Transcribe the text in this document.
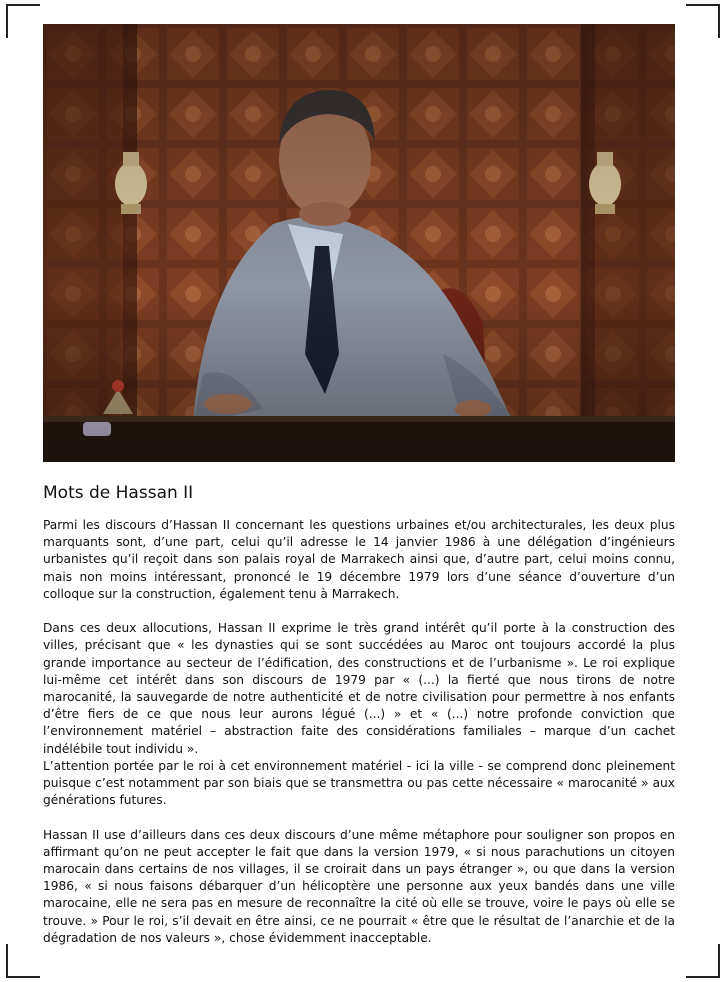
Mots de Hassan II

Parmi les discours d’Hassan II concernant les questions urbaines et/ou architecturales, les deux plus marquants sont, d’une part, celui qu’il adresse le 14 janvier 1986 à une délégation d’ingénieurs urbanistes qu’il reçoit dans son palais royal de Marrakech ainsi que, d’autre part, celui moins connu, mais non moins intéressant, prononcé le 19 décembre 1979 lors d’une séance d’ouverture d’un colloque sur la construction, également tenu à Marrakech.

Dans ces deux allocutions, Hassan II exprime le très grand intérêt qu’il porte à la construction des villes, précisant que « les dynasties qui se sont succédées au Maroc ont toujours accordé la plus grande importance au secteur de l’édification, des constructions et de l’urbanisme ». Le roi explique lui-même cet intérêt dans son discours de 1979 par « (...) la fierté que nous tirons de notre marocanité, la sauvegarde de notre authenticité et de notre civilisation pour permettre à nos enfants d’être fiers de ce que nous leur aurons légué (...) » et « (...) notre profonde conviction que l’environnement matériel – abstraction faite des considérations familiales – marque d’un cachet indélébile tout individu ».

L’attention portée par le roi à cet environnement matériel - ici la ville - se comprend donc pleinement puisque c’est notamment par son biais que se transmettra ou pas cette nécessaire « marocanité » aux générations futures.

Hassan II use d’ailleurs dans ces deux discours d’une même métaphore pour souligner son propos en affirmant qu’on ne peut accepter le fait que dans la version 1979, « si nous parachutions un citoyen marocain dans certains de nos villages, il se croirait dans un pays étranger », ou que dans la version 1986, « si nous faisons débarquer d’un hélicoptère une personne aux yeux bandés dans une ville marocaine, elle ne sera pas en mesure de reconnaître la cité où elle se trouve, voire le pays où elle se trouve. » Pour le roi, s’il devait en être ainsi, ce ne pourrait « être que le résultat de l’anarchie et de la dégradation de nos valeurs », chose évidemment inacceptable.
